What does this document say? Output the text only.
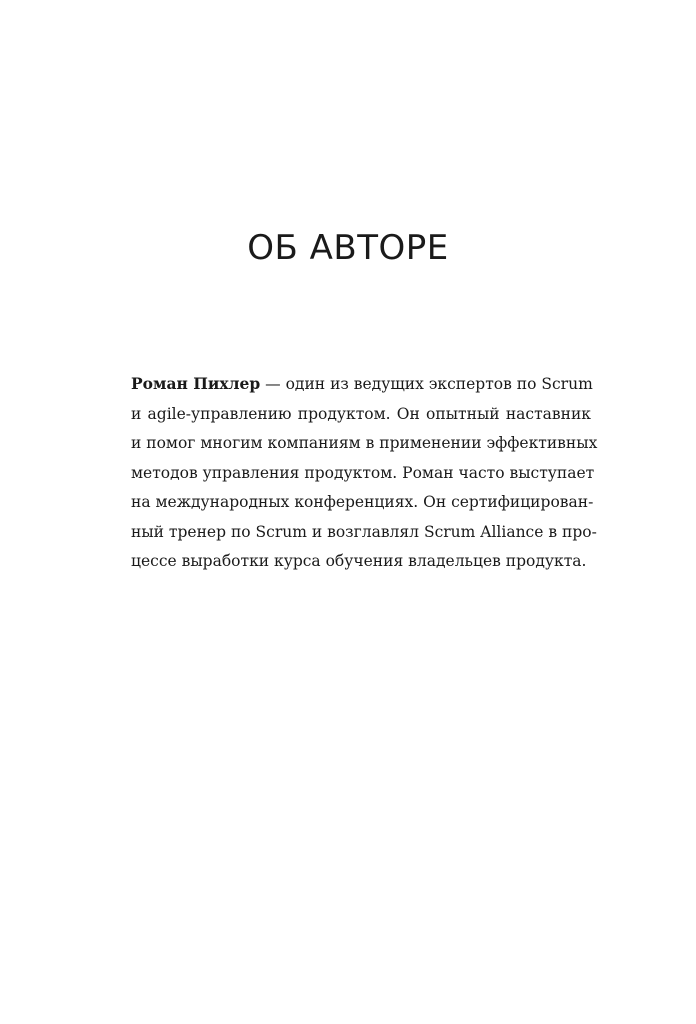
ОБ АВТОРЕ
Роман Пихлер — один из ведущих экспертов по Scrum
и agile-управлению продуктом. Он опытный наставник
и помог многим компаниям в применении эффективных
методов управления продуктом. Роман часто выступает
на международных конференциях. Он сертифицирован-
ный тренер по Scrum и возглавлял Scrum Alliance в про-
цессе выработки курса обучения владельцев продукта.
